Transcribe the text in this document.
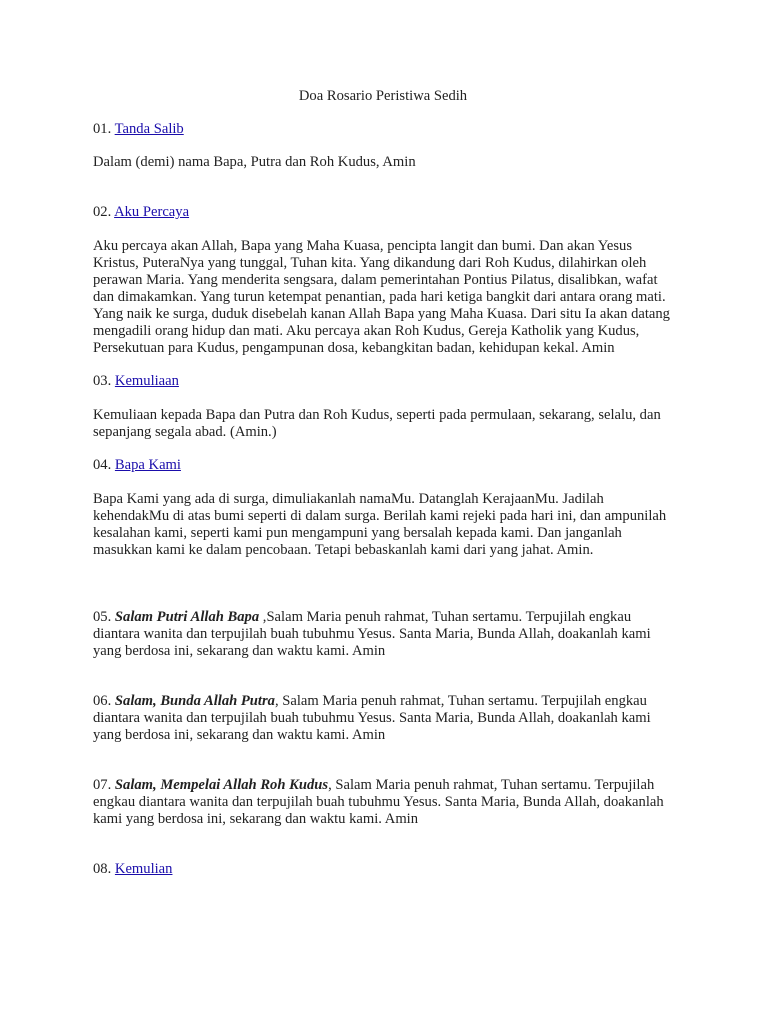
Doa Rosario Peristiwa Sedih

01. Tanda Salib

Dalam (demi) nama Bapa, Putra dan Roh Kudus, Amin

02. Aku Percaya

Aku percaya akan Allah, Bapa yang Maha Kuasa, pencipta langit dan bumi. Dan akan Yesus Kristus, PuteraNya yang tunggal, Tuhan kita. Yang dikandung dari Roh Kudus, dilahirkan oleh perawan Maria. Yang menderita sengsara, dalam pemerintahan Pontius Pilatus, disalibkan, wafat dan dimakamkan. Yang turun ketempat penantian, pada hari ketiga bangkit dari antara orang mati. Yang naik ke surga, duduk disebelah kanan Allah Bapa yang Maha Kuasa. Dari situ Ia akan datang mengadili orang hidup dan mati. Aku percaya akan Roh Kudus, Gereja Katholik yang Kudus, Persekutuan para Kudus, pengampunan dosa, kebangkitan badan, kehidupan kekal. Amin

03. Kemuliaan

Kemuliaan kepada Bapa dan Putra dan Roh Kudus, seperti pada permulaan, sekarang, selalu, dan sepanjang segala abad. (Amin.)

04. Bapa Kami

Bapa Kami yang ada di surga, dimuliakanlah namaMu. Datanglah KerajaanMu. Jadilah kehendakMu di atas bumi seperti di dalam surga. Berilah kami rejeki pada hari ini, dan ampunilah kesalahan kami, seperti kami pun mengampuni yang bersalah kepada kami. Dan janganlah masukkan kami ke dalam pencobaan. Tetapi bebaskanlah kami dari yang jahat. Amin.

05. Salam Putri Allah Bapa ,Salam Maria penuh rahmat, Tuhan sertamu. Terpujilah engkau diantara wanita dan terpujilah buah tubuhmu Yesus. Santa Maria, Bunda Allah, doakanlah kami yang berdosa ini, sekarang dan waktu kami. Amin

06. Salam, Bunda Allah Putra, Salam Maria penuh rahmat, Tuhan sertamu. Terpujilah engkau diantara wanita dan terpujilah buah tubuhmu Yesus. Santa Maria, Bunda Allah, doakanlah kami yang berdosa ini, sekarang dan waktu kami. Amin

07. Salam, Mempelai Allah Roh Kudus, Salam Maria penuh rahmat, Tuhan sertamu. Terpujilah engkau diantara wanita dan terpujilah buah tubuhmu Yesus. Santa Maria, Bunda Allah, doakanlah kami yang berdosa ini, sekarang dan waktu kami. Amin

08. Kemulian
